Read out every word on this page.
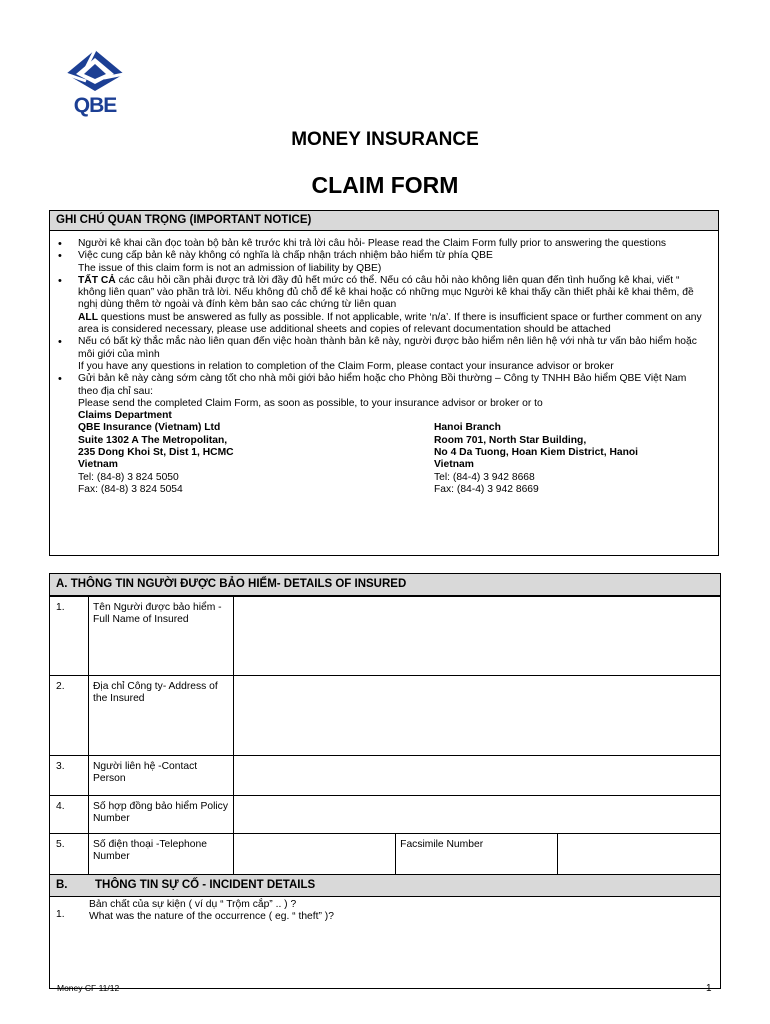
QBE
MONEY INSURANCE
CLAIM FORM
GHI CHÚ QUAN TRỌNG (IMPORTANT NOTICE)
• Người kê khai cần đọc toàn bộ bản kê trước khi trả lời câu hỏi- Please read the Claim Form fully prior to answering the questions
• Việc cung cấp bản kê này không có nghĩa là chấp nhận trách nhiệm bảo hiểm từ phía QBE
The issue of this claim form is not an admission of liability by QBE)
• TẤT CẢ các câu hỏi cần phải được trả lời đầy đủ hết mức có thể. Nếu có câu hỏi nào không liên quan đến tình huống kê khai, viết “ không liên quan” vào phần trả lời. Nếu không đủ chỗ để kê khai hoặc có những mục Người kê khai thấy cần thiết phải kê khai thêm, đề nghị dùng thêm tờ ngoài và đính kèm bản sao các chứng từ liên quan
ALL questions must be answered as fully as possible. If not applicable, write ‘n/a’. If there is insufficient space or further comment on any area is considered necessary, please use additional sheets and copies of relevant documentation should be attached
• Nếu có bất kỳ thắc mắc nào liên quan đến việc hoàn thành bản kê này, người được bảo hiểm nên liên hệ với nhà tư vấn bảo hiểm hoặc môi giới của mình
If you have any questions in relation to completion of the Claim Form, please contact your insurance advisor or broker
• Gửi bản kê này càng sớm càng tốt cho nhà môi giới bảo hiểm hoặc cho Phòng Bồi thường – Công ty TNHH Bảo hiểm QBE Việt Nam theo địa chỉ sau:
Please send the completed Claim Form, as soon as possible, to your insurance advisor or broker or to
Claims Department
QBE Insurance (Vietnam) Ltd
Suite 1302 A The Metropolitan,
235 Dong Khoi St, Dist 1, HCMC
Vietnam
Tel: (84-8) 3 824 5050
Fax: (84-8) 3 824 5054
Hanoi Branch
Room 701, North Star Building,
No 4 Da Tuong, Hoan Kiem District, Hanoi
Vietnam
Tel: (84-4) 3 942 8668
Fax: (84-4) 3 942 8669
A. THÔNG TIN NGƯỜI ĐƯỢC BẢO HIỂM- DETAILS OF INSURED
1.	Tên Người được bảo hiểm - Full Name of Insured			
2.	Địa chỉ Công ty- Address of the Insured			
3.	Người liên hệ -Contact Person			
4.	Số hợp đồng bảo hiểm Policy Number			
5.	Số điện thoại -Telephone Number		Facsimile Number	
B.	THÔNG TIN SỰ CỐ - INCIDENT DETAILS
1.
Bản chất của sự kiện ( ví dụ “ Trộm cắp” .. ) ?
What was the nature of the occurrence ( eg. “ theft” )?
Money CF 11/12	1
